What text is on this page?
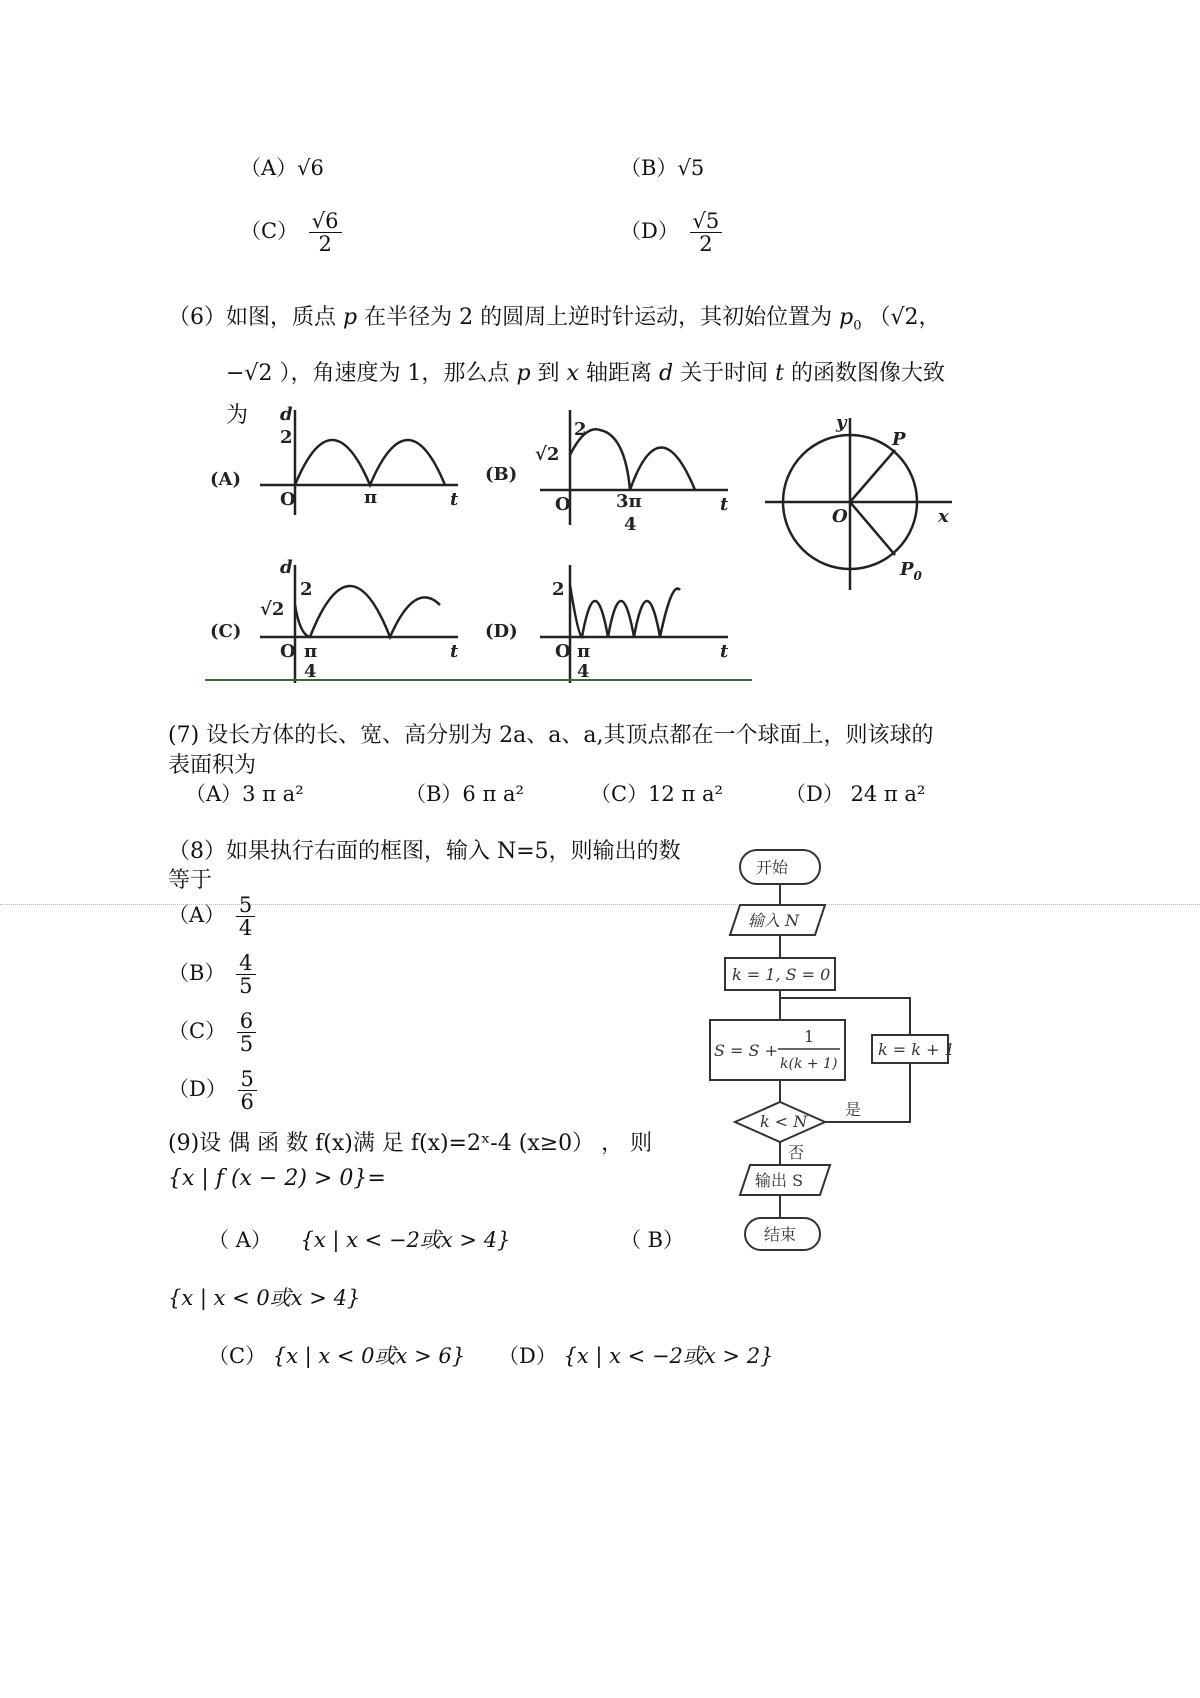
（A）√6	（B）√5
$(C) \frac{√6}{2}$	$(D) \frac{√5}{2}$
（6）如图，质点 p 在半径为 2 的圆周上逆时针运动，其初始位置为 $p_0$ （√2，
−√2 ），角速度为 1，那么点 p 到 x 轴距离 d 关于时间 t 的函数图像大致
为
(A)	(B)
(C)	(D)
d
2
O	π	t
2
√2
O	3π
4
t
d
2
√2
O π
4
t
2
O π
4
t
y
x
O
P
$P_0$
(7) 设长方体的长、宽、高分别为 2a、a、a,其顶点都在一个球面上，则该球的
表面积为
（A）3 π a²	（B）6 π a²	（C）12 π a²	（D） 24 π a²
（8）如果执行右面的框图，输入 N=5，则输出的数
等于
$(A) \frac{5}{4}$
$(B) \frac{4}{5}$
$(C) \frac{6}{5}$
$(D) \frac{5}{6}$
开始
输入 N
k = 1, S = 0
S = S +
1
k(k + 1)
k = k + 1
k < N
是
否
输出 S
结束
(9)设 偶 函 数 f(x)满 足 f(x)=2ˣ-4 (x≥0） ， 则
{x | f (x − 2) > 0}=
（ A） {x | x < −2或x > 4}	（ B）
{x | x < 0或x > 4}
（C） {x | x < 0或x > 6} （D） {x | x < −2或x > 2}
